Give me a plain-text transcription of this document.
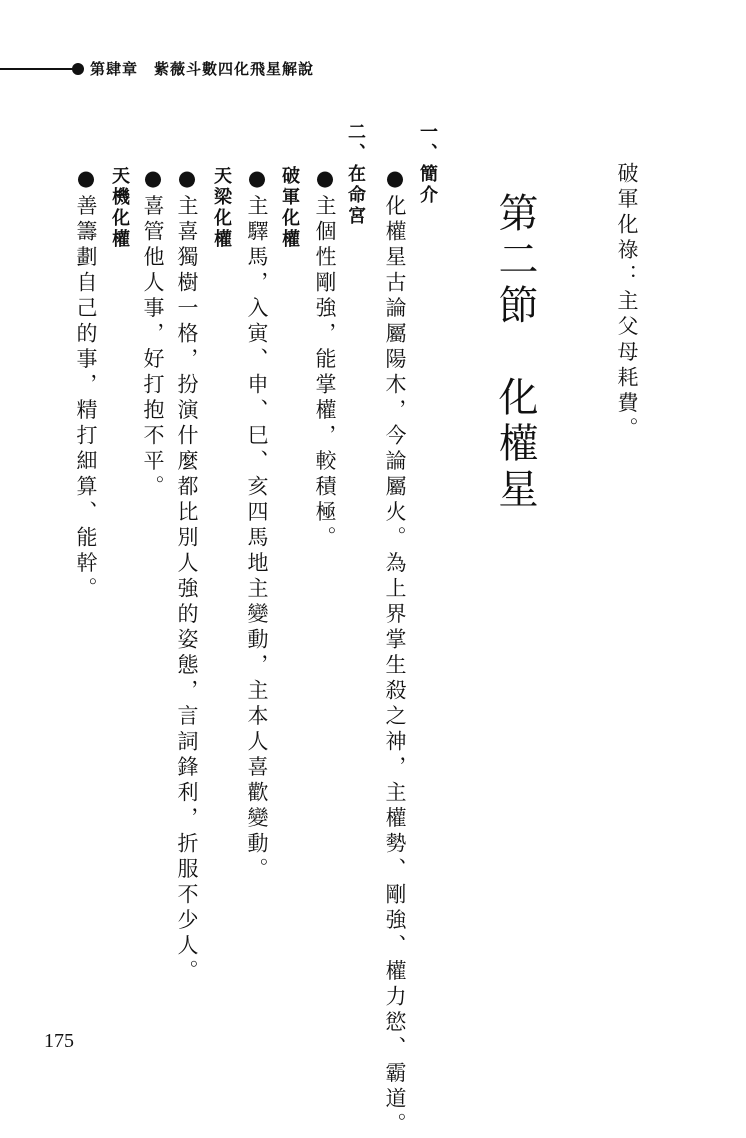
第肆章　紫薇斗數四化飛星解說
破軍化祿：主父母耗費。
第二節　化權星
一、簡介
●化權星古論屬陽木，今論屬火。為上界掌生殺之神，主權勢、剛強、權力慾、霸道。
二、在命宮
●主個性剛強，能掌權，較積極。
破軍化權
●主驛馬，入寅、申、巳、亥四馬地主變動，主本人喜歡變動。
天梁化權
●主喜獨樹一格，扮演什麼都比別人強的姿態，言詞鋒利，折服不少人。
●喜管他人事，好打抱不平。
天機化權
●善籌劃自己的事，精打細算、能幹。
175
